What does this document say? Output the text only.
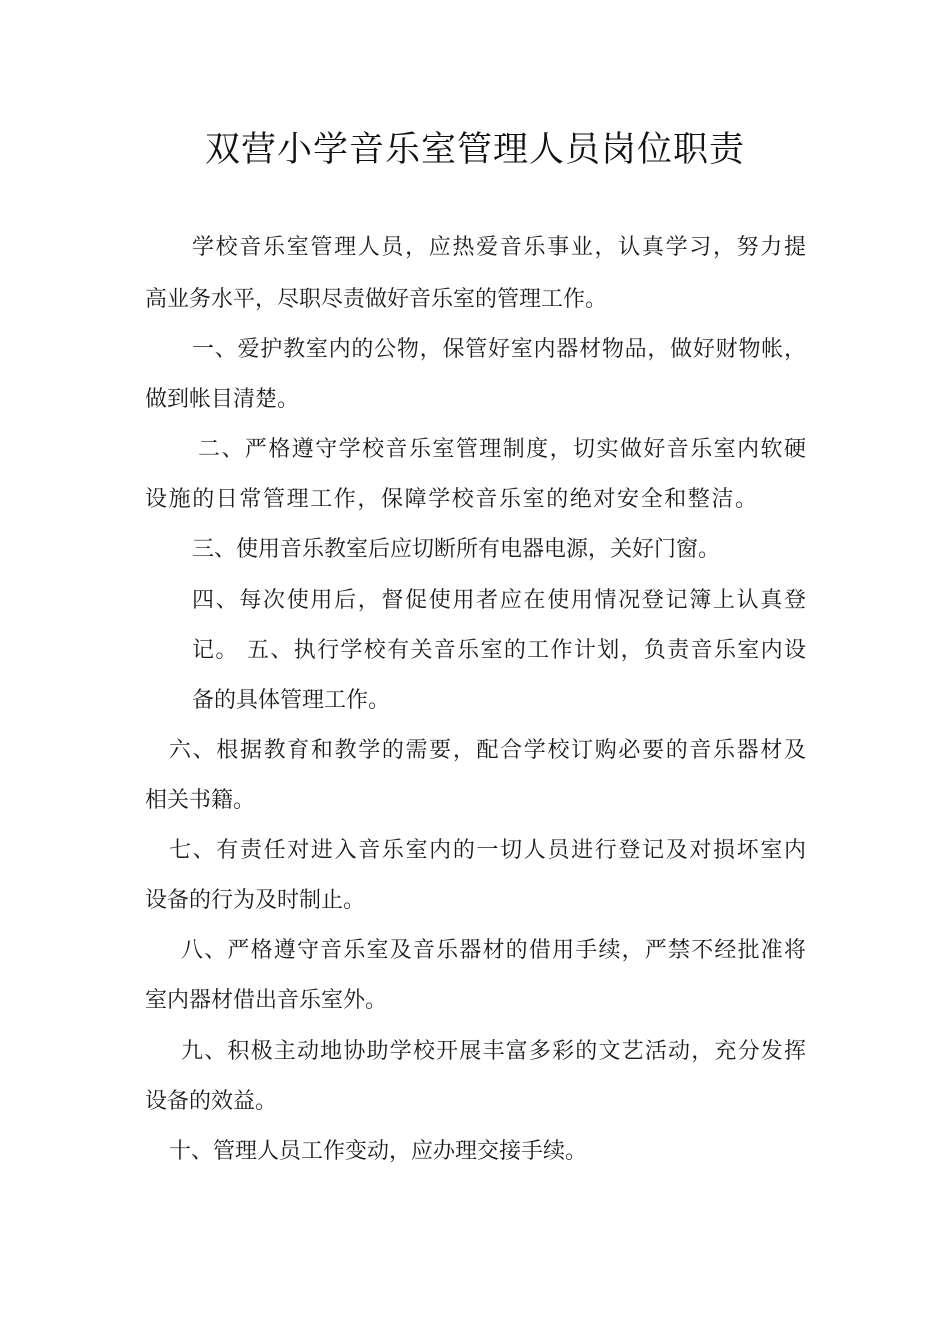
双营小学音乐室管理人员岗位职责
学校音乐室管理人员，应热爱音乐事业，认真学习，努力提
高业务水平，尽职尽责做好音乐室的管理工作。
一、爱护教室内的公物，保管好室内器材物品，做好财物帐，
做到帐目清楚。
二、严格遵守学校音乐室管理制度，切实做好音乐室内软硬
设施的日常管理工作，保障学校音乐室的绝对安全和整洁。
三、使用音乐教室后应切断所有电器电源，关好门窗。
四、每次使用后，督促使用者应在使用情况登记簿上认真登
记。 五、执行学校有关音乐室的工作计划，负责音乐室内设
备的具体管理工作。
六、根据教育和教学的需要，配合学校订购必要的音乐器材及
相关书籍。
七、有责任对进入音乐室内的一切人员进行登记及对损坏室内
设备的行为及时制止。
八、严格遵守音乐室及音乐器材的借用手续，严禁不经批准将
室内器材借出音乐室外。
九、积极主动地协助学校开展丰富多彩的文艺活动，充分发挥
设备的效益。
十、管理人员工作变动，应办理交接手续。
